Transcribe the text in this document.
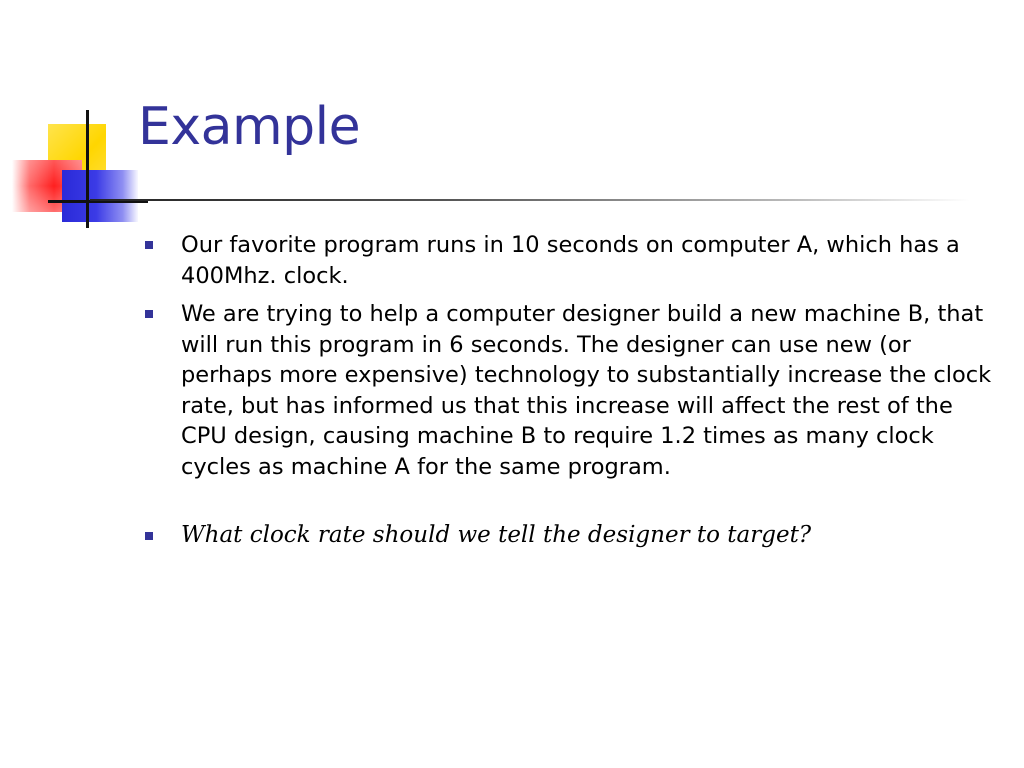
Example
Our favorite program runs in 10 seconds on computer A, which has a 400Mhz. clock.
We are trying to help a computer designer build a new machine B, that will run this program in 6 seconds. The designer can use new (or perhaps more expensive) technology to substantially increase the clock rate, but has informed us that this increase will affect the rest of the CPU design, causing machine B to require 1.2 times as many clock cycles as machine A for the same program.
What clock rate should we tell the designer to target?
